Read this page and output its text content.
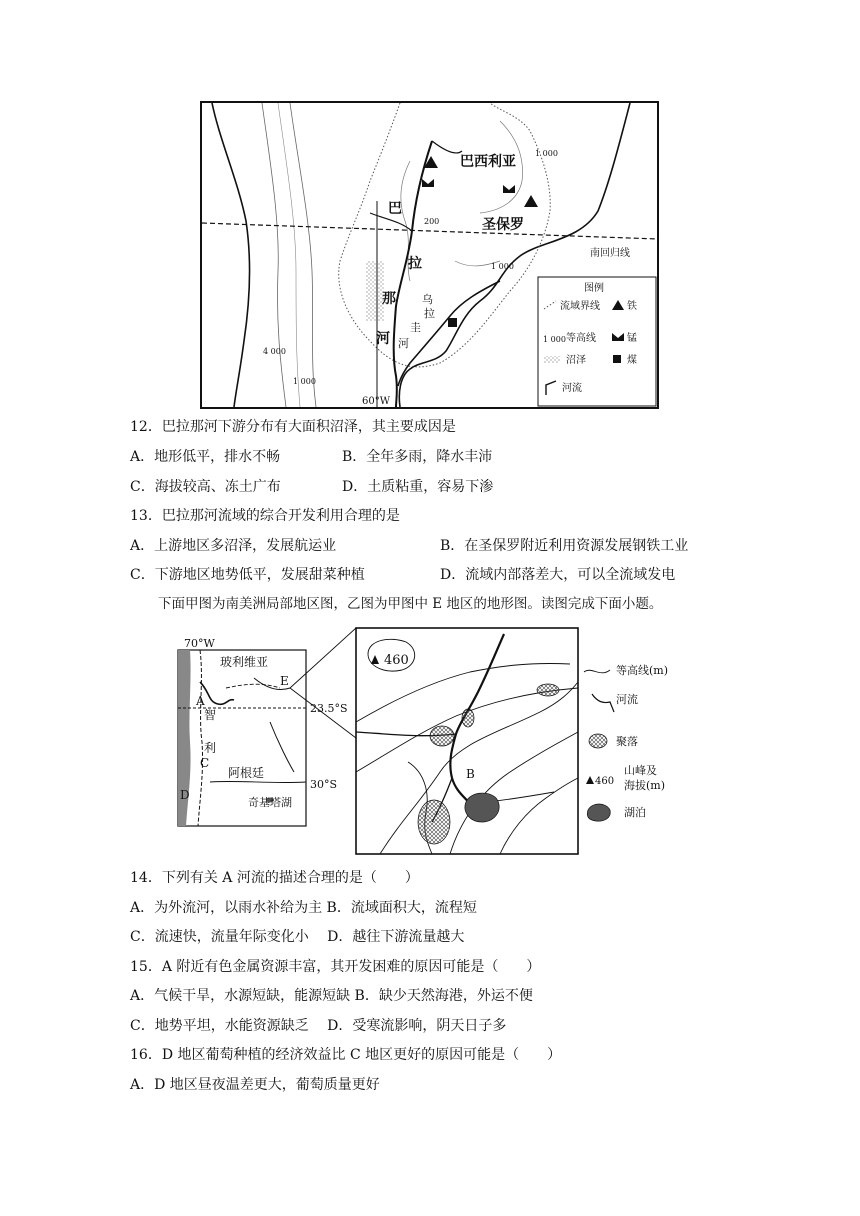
巴西利亚
圣保罗
南回归线
巴
拉
那
河
乌
拉
圭
河
1 000
200
1 000
4 000
1 000
60°W
图例
流域界线	铁
1 000 等高线	锰
沼泽	煤
河流
12．巴拉那河下游分布有大面积沼泽，其主要成因是
A．地形低平，排水不畅	B．全年多雨，降水丰沛
C．海拔较高、冻土广布	D．土质粘重，容易下渗
13．巴拉那河流域的综合开发利用合理的是
A．上游地区多沼泽，发展航运业	B．在圣保罗附近利用资源发展钢铁工业
C．下游地区地势低平，发展甜菜种植	D．流域内部落差大，可以全流域发电
下面甲图为南美洲局部地区图，乙图为甲图中 E 地区的地形图。读图完成下面小题。
70°W
玻利维亚
E
A
智
利
C
23.5°S
阿根廷
30°S
D
奇基塔湖
460
B
等高线(m)
河流
聚落
460
山峰及
海拔(m)
湖泊
14．下列有关 A 河流的描述合理的是（　　）
A．为外流河，以雨水补给为主 B．流域面积大，流程短
C．流速快，流量年际变化小　 D．越往下游流量越大
15．A 附近有色金属资源丰富，其开发困难的原因可能是（　　）
A．气候干旱，水源短缺，能源短缺 B．缺少天然海港，外运不便
C．地势平坦，水能资源缺乏　 D．受寒流影响，阴天日子多
16．D 地区葡萄种植的经济效益比 C 地区更好的原因可能是（　　）
A．D 地区昼夜温差更大，葡萄质量更好
